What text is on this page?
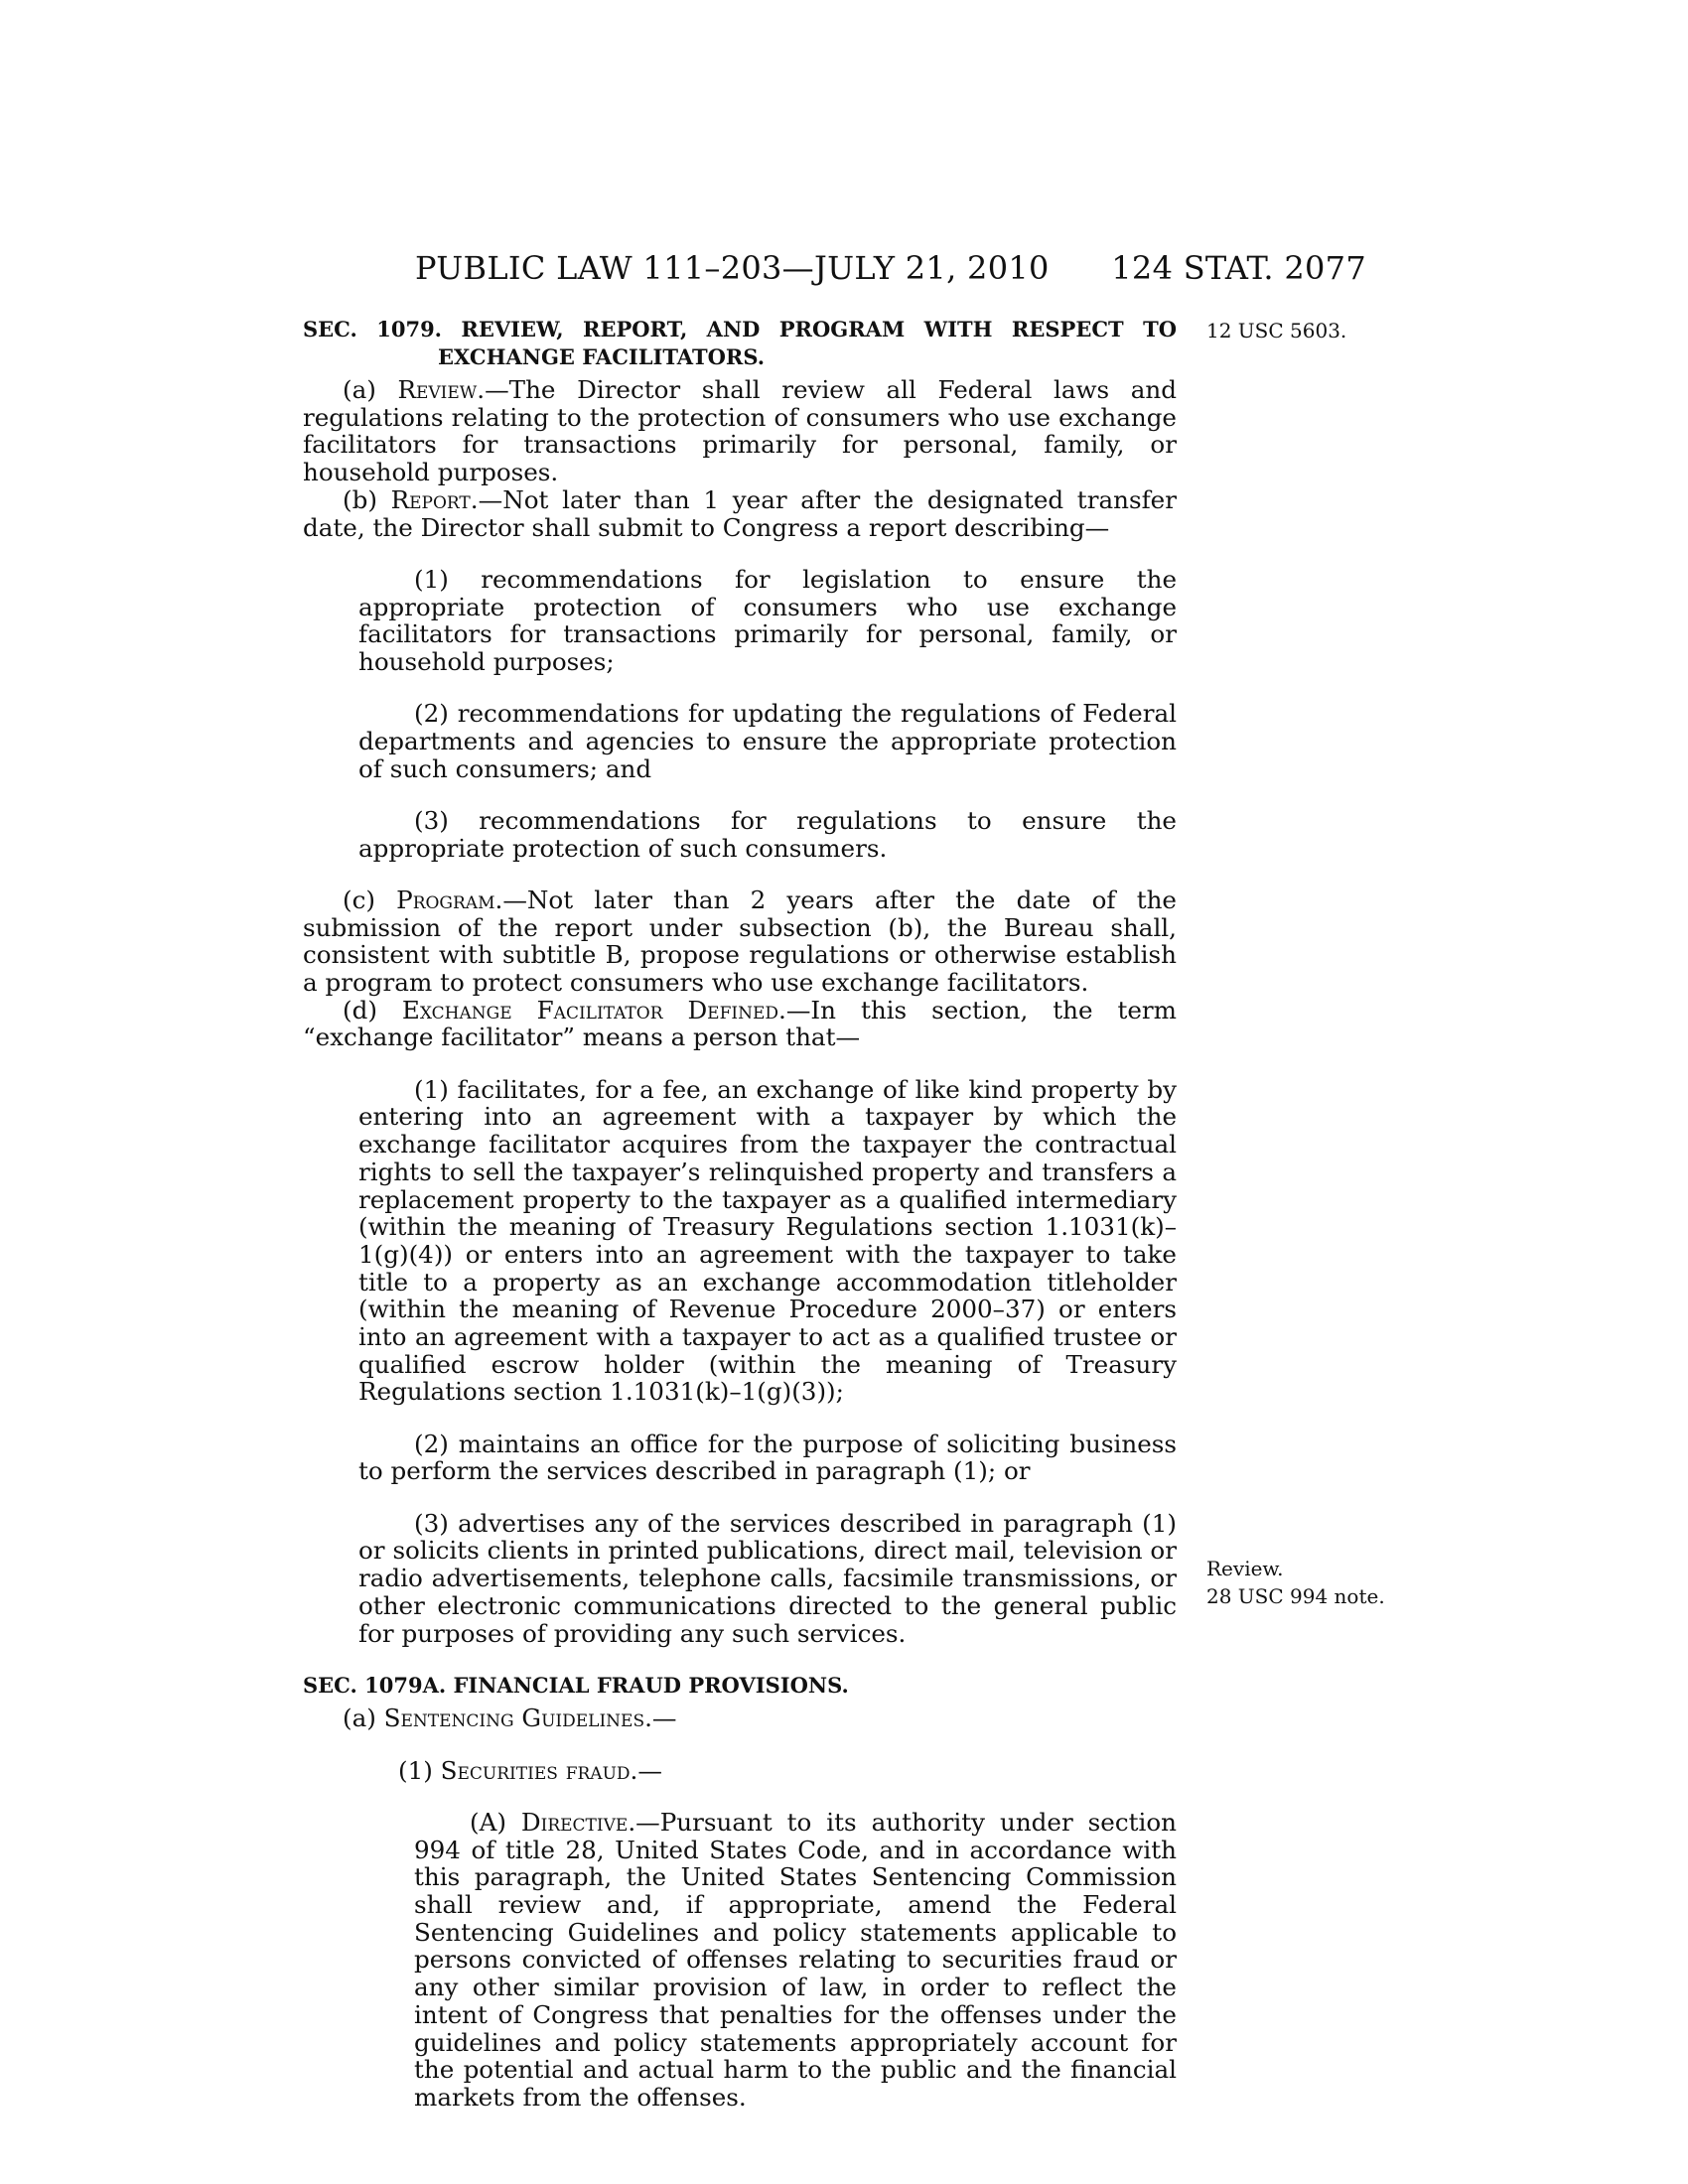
PUBLIC LAW 111–203—JULY 21, 2010 124 STAT. 2077
12 USC 5603.
Review.
28 USC 994 note.
SEC. 1079. REVIEW, REPORT, AND PROGRAM WITH RESPECT TO
EXCHANGE FACILITATORS.

(a) Review.—The Director shall review all Federal laws and regulations relating to the protection of consumers who use exchange facilitators for transactions primarily for personal, family, or household purposes.

(b) Report.—Not later than 1 year after the designated transfer date, the Director shall submit to Congress a report describing—

(1) recommendations for legislation to ensure the appropriate protection of consumers who use exchange facilitators for transactions primarily for personal, family, or household purposes;

(2) recommendations for updating the regulations of Federal departments and agencies to ensure the appropriate protection of such consumers; and

(3) recommendations for regulations to ensure the appropriate protection of such consumers.

(c) Program.—Not later than 2 years after the date of the submission of the report under subsection (b), the Bureau shall, consistent with subtitle B, propose regulations or otherwise establish a program to protect consumers who use exchange facilitators.

(d) Exchange Facilitator Defined.—In this section, the term “exchange facilitator” means a person that—

(1) facilitates, for a fee, an exchange of like kind property by entering into an agreement with a taxpayer by which the exchange facilitator acquires from the taxpayer the contractual rights to sell the taxpayer’s relinquished property and transfers a replacement property to the taxpayer as a qualified intermediary (within the meaning of Treasury Regulations section 1.1031(k)–1(g)(4)) or enters into an agreement with the taxpayer to take title to a property as an exchange accommodation titleholder (within the meaning of Revenue Procedure 2000–37) or enters into an agreement with a taxpayer to act as a qualified trustee or qualified escrow holder (within the meaning of Treasury Regulations section 1.1031(k)–1(g)(3));

(2) maintains an office for the purpose of soliciting business to perform the services described in paragraph (1); or

(3) advertises any of the services described in paragraph (1) or solicits clients in printed publications, direct mail, television or radio advertisements, telephone calls, facsimile transmissions, or other electronic communications directed to the general public for purposes of providing any such services.

SEC. 1079A. FINANCIAL FRAUD PROVISIONS.

(a) Sentencing Guidelines.—

(1) Securities fraud.—

(A) Directive.—Pursuant to its authority under section 994 of title 28, United States Code, and in accordance with this paragraph, the United States Sentencing Commission shall review and, if appropriate, amend the Federal Sentencing Guidelines and policy statements applicable to persons convicted of offenses relating to securities fraud or any other similar provision of law, in order to reflect the intent of Congress that penalties for the offenses under the guidelines and policy statements appropriately account for the potential and actual harm to the public and the financial markets from the offenses.
